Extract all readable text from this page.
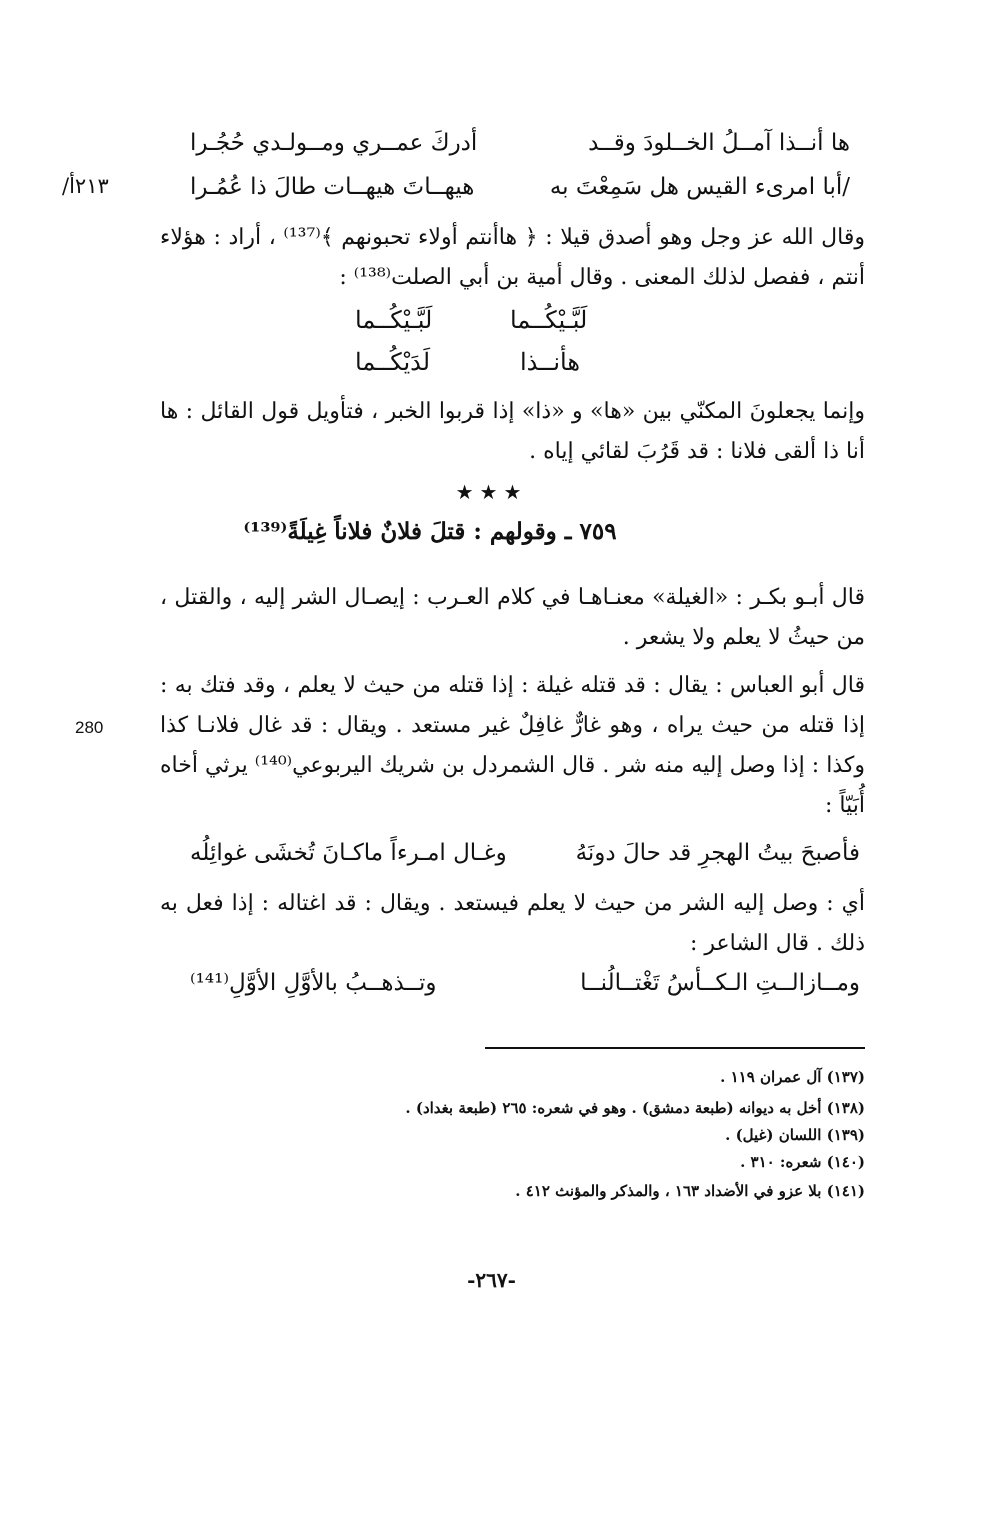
ها أنــذا آمــلُ الخــلودَ وقــد
أدركَ عمــري ومــولـدي حُجُـرا
/أبا امرىء القيس هل سَمِعْتَ به
هيهــاتَ هيهــات طالَ ذا عُمُـرا
/٢١٣أ
وقال الله عز وجل وهو أصدق قيلا : ﴿ هاأنتم أولاء تحبونهم ﴾⁽¹³⁷⁾ ، أراد : هؤلاء أنتم ، ففصل لذلك المعنى . وقال أمية بن أبي الصلت⁽¹³⁸⁾ :
لَبَّـيْكُــما
لَبَّـيْكُــما
هأنــذا
لَدَيْكُــما
وإنما يجعلونَ المكنّي بين «ها» و «ذا» إذا قربوا الخبر ، فتأويل قول القائل : ها أنا ذا ألقى فلانا : قد قَرُبَ لقائي إياه .
★★★
٧٥٩ ـ وقولهم : قتلَ فلانٌ فلاناً غِيلَةً⁽¹³⁹⁾
قال أبـو بكـر : «الغيلة» معنـاهـا في كلام العـرب : إيصـال الشر إليه ، والقتل ، من حيثُ لا يعلم ولا يشعر .
قال أبو العباس : يقال : قد قتله غيلة : إذا قتله من حيث لا يعلم ، وقد فتك به : إذا قتله من حيث يراه ، وهو غارٌّ غافِلٌ غير مستعد . ويقال : قد غال فلانـا كذا وكذا : إذا وصل إليه منه شر . قال الشمردل بن شريك اليربوعي⁽¹⁴⁰⁾ يرثي أخاه أُبَيّاً :
280
فأصبحَ بيتُ الهجرِ قد حالَ دونَهُ
وغـال امـرءاً ماكـانَ تُخشَى غوائِلُه
أي : وصل إليه الشر من حيث لا يعلم فيستعد . ويقال : قد اغتاله : إذا فعل به ذلك . قال الشاعر :
ومــازالــتِ الـكــأسُ تَغْتــالُنــا
وتــذهــبُ بالأوَّلِ الأوَّلِ⁽¹⁴¹⁾
(١٣٧) آل عمران ١١٩ .
(١٣٨) أخل به ديوانه (طبعة دمشق) . وهو في شعره: ٢٦٥ (طبعة بغداد) .
(١٣٩) اللسان (غيل) .
(١٤٠) شعره: ٣١٠ .
(١٤١) بلا عزو في الأضداد ١٦٣ ، والمذكر والمؤنث ٤١٢ .
-٢٦٧-
